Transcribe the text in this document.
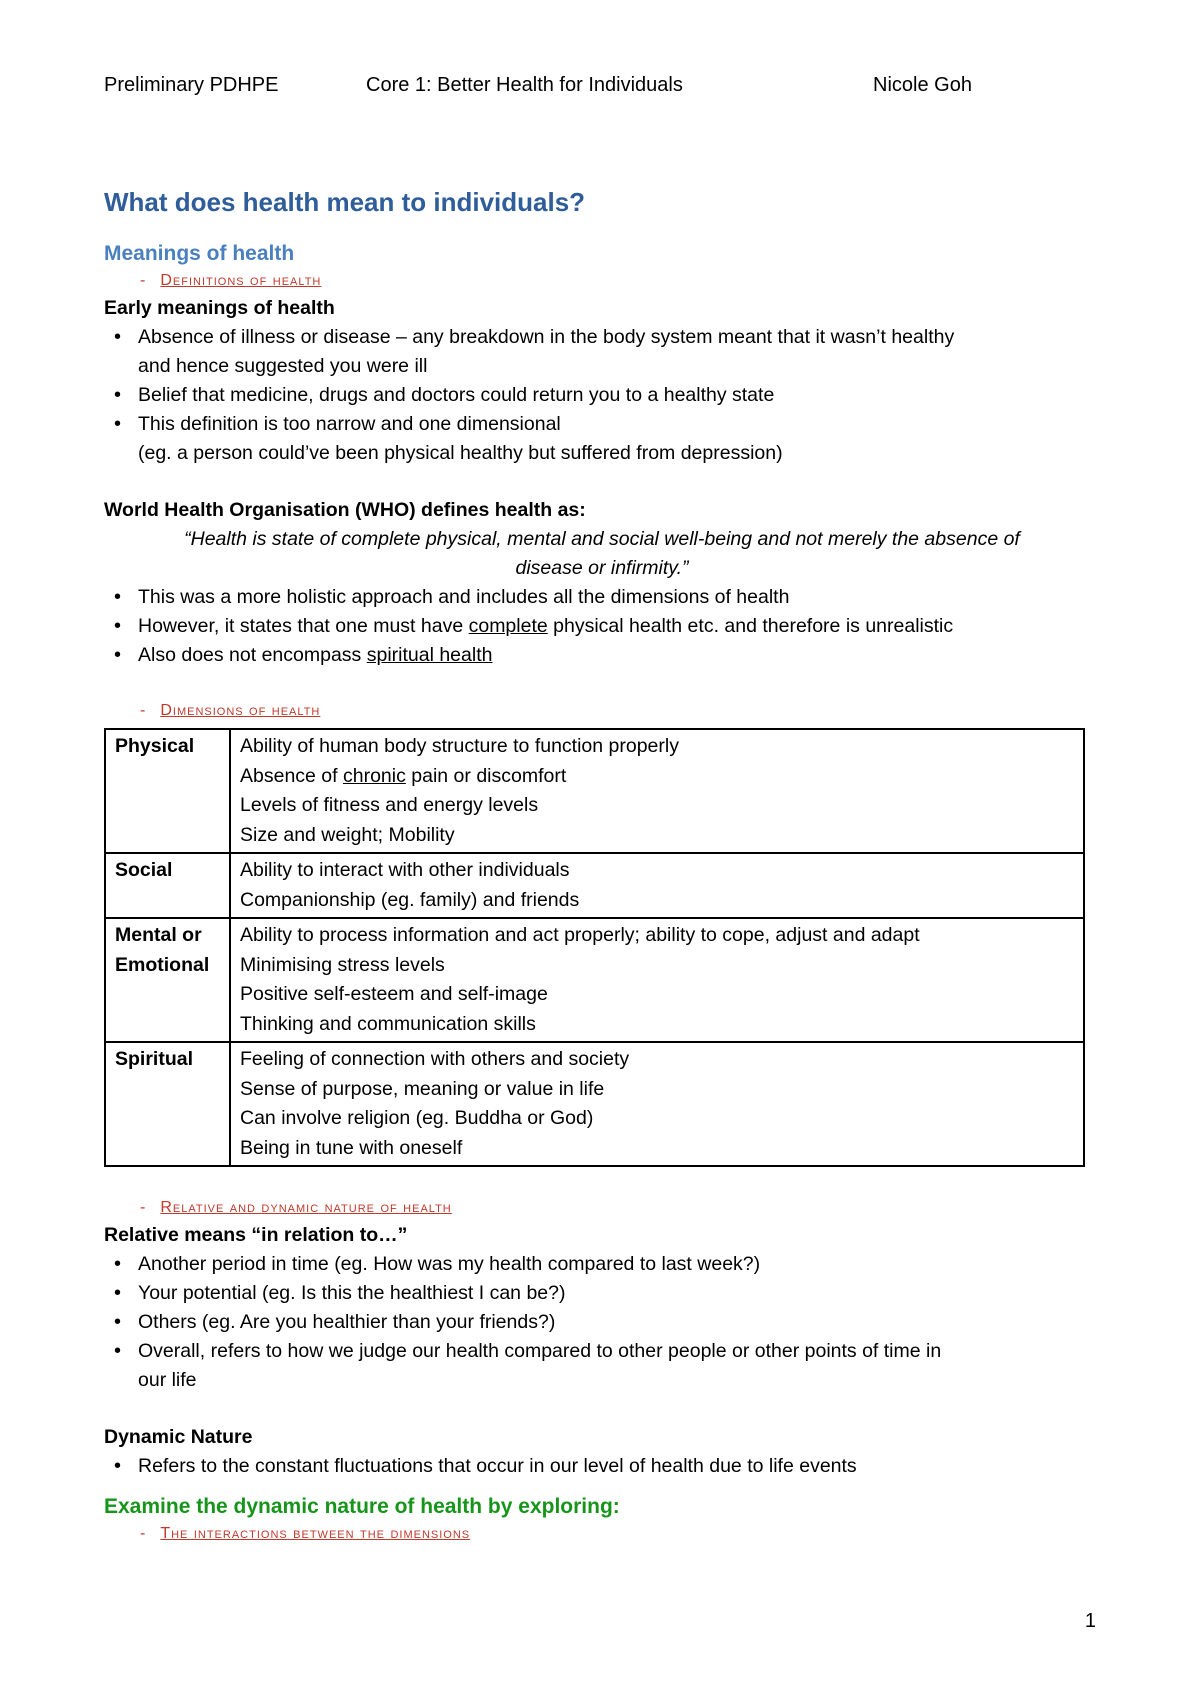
Preliminary PDHPE	Core 1: Better Health for Individuals	Nicole Goh
What does health mean to individuals?
Meanings of health
- Definitions of health
Early meanings of health
• Absence of illness or disease – any breakdown in the body system meant that it wasn’t healthy
and hence suggested you were ill
• Belief that medicine, drugs and doctors could return you to a healthy state
• This definition is too narrow and one dimensional
(eg. a person could’ve been physical healthy but suffered from depression)
World Health Organisation (WHO) defines health as:
“Health is state of complete physical, mental and social well-being and not merely the absence of
disease or infirmity.”
• This was a more holistic approach and includes all the dimensions of health
• However, it states that one must have complete physical health etc. and therefore is unrealistic
• Also does not encompass spiritual health
- Dimensions of health
Physical	Ability of human body structure to function properly
Absence of chronic pain or discomfort
Levels of fitness and energy levels
Size and weight; Mobility

Social	Ability to interact with other individuals
Companionship (eg. family) and friends

Mental or Emotional	Ability to process information and act properly; ability to cope, adjust and adapt
Minimising stress levels
Positive self-esteem and self-image
Thinking and communication skills

Spiritual	Feeling of connection with others and society
Sense of purpose, meaning or value in life
Can involve religion (eg. Buddha or God)
Being in tune with oneself
- Relative and dynamic nature of health
Relative means “in relation to…”
• Another period in time (eg. How was my health compared to last week?)
• Your potential (eg. Is this the healthiest I can be?)
• Others (eg. Are you healthier than your friends?)
• Overall, refers to how we judge our health compared to other people or other points of time in
our life
Dynamic Nature
• Refers to the constant fluctuations that occur in our level of health due to life events
Examine the dynamic nature of health by exploring:
- The interactions between the dimensions
1
